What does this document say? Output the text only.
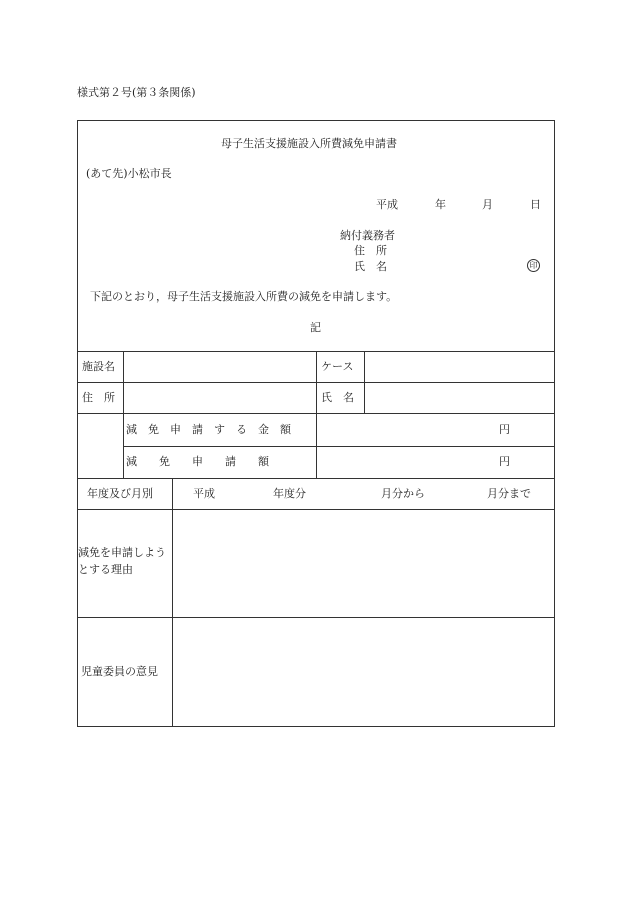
様式第２号(第３条関係)
母子生活支援施設入所費減免申請書
(あて先)小松市長
平成	年	月	日
納付義務者
住　所
氏　名	印
下記のとおり，母子生活支援施設入所費の減免を申請します。
記
施設名	ケース
住　所	氏　名
減　免　申　請　す　る　金　額	円
減　　免　　申　　請　　額	円
年度及び月別	平成	年度分	月分から	月分まで
減免を申請しようとする理由
児童委員の意見
